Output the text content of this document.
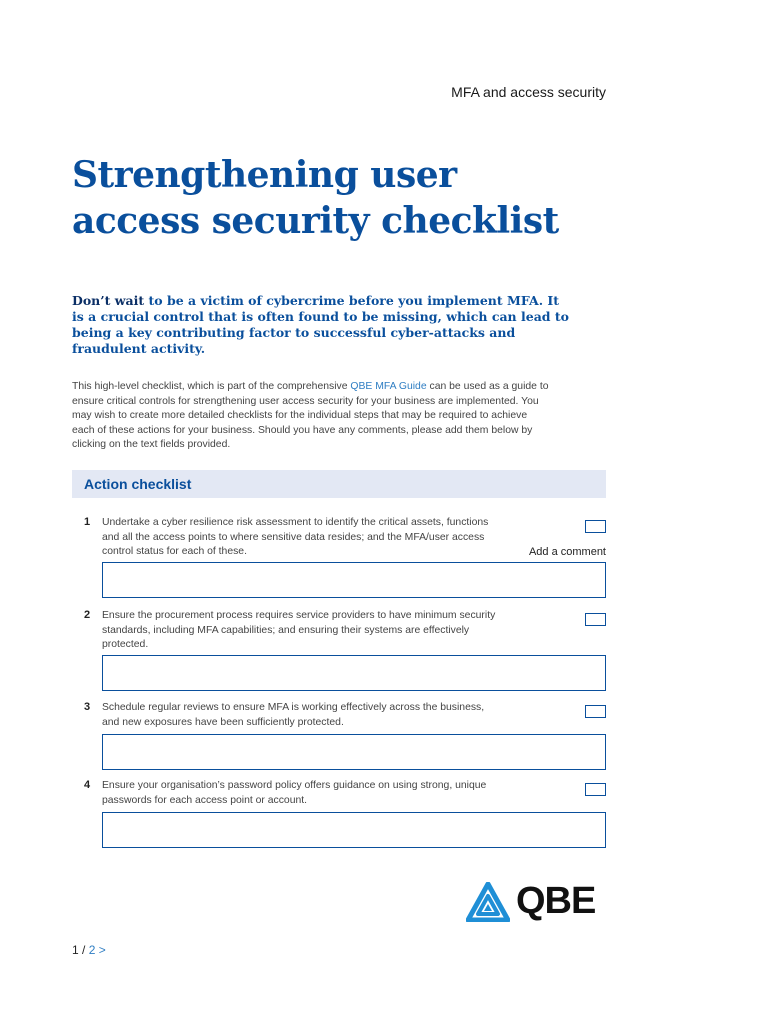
MFA and access security
Strengthening user
access security checklist
Don’t wait to be a victim of cybercrime before you implement MFA. It is a crucial control that is often found to be missing, which can lead to being a key contributing factor to successful cyber-attacks and fraudulent activity.
This high-level checklist, which is part of the comprehensive QBE MFA Guide can be used as a guide to ensure critical controls for strengthening user access security for your business are implemented. You may wish to create more detailed checklists for the individual steps that may be required to achieve each of these actions for your business. Should you have any comments, please add them below by clicking on the text fields provided.
Action checklist
1 Undertake a cyber resilience risk assessment to identify the critical assets, functions and all the access points to where sensitive data resides; and the MFA/user access control status for each of these.	Add a comment
2 Ensure the procurement process requires service providers to have minimum security standards, including MFA capabilities; and ensuring their systems are effectively protected.
3 Schedule regular reviews to ensure MFA is working effectively across the business, and new exposures have been sufficiently protected.
4 Ensure your organisation’s password policy offers guidance on using strong, unique passwords for each access point or account.
QBE
1 / 2 >
